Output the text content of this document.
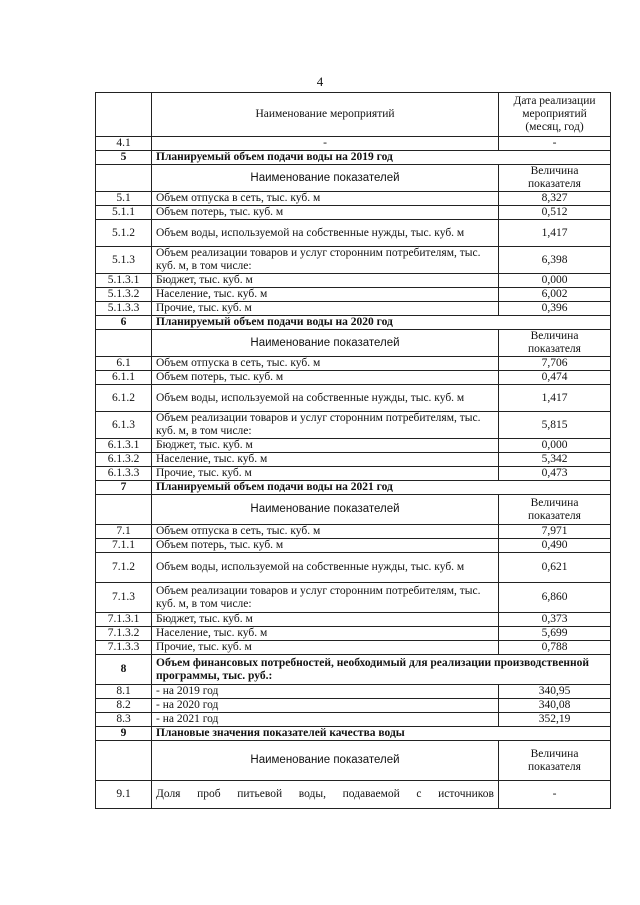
4
	Наименование мероприятий	Дата реализации мероприятий (месяц, год)
4.1	-	-
5	Планируемый объем подачи воды на 2019 год	
	Наименование показателей	Величина показателя
5.1	Объем отпуска в сеть, тыс. куб. м	8,327
5.1.1	Объем потерь, тыс. куб. м	0,512
5.1.2	Объем воды, используемой на собственные нужды, тыс. куб. м	1,417
5.1.3	Объем реализации товаров и услуг сторонним потребителям, тыс. куб. м, в том числе:	6,398
5.1.3.1	Бюджет, тыс. куб. м	0,000
5.1.3.2	Население, тыс. куб. м	6,002
5.1.3.3	Прочие, тыс. куб. м	0,396
6	Планируемый объем подачи воды на 2020 год	
	Наименование показателей	Величина показателя
6.1	Объем отпуска в сеть, тыс. куб. м	7,706
6.1.1	Объем потерь, тыс. куб. м	0,474
6.1.2	Объем воды, используемой на собственные нужды, тыс. куб. м	1,417
6.1.3	Объем реализации товаров и услуг сторонним потребителям, тыс. куб. м, в том числе:	5,815
6.1.3.1	Бюджет, тыс. куб. м	0,000
6.1.3.2	Население, тыс. куб. м	5,342
6.1.3.3	Прочие, тыс. куб. м	0,473
7	Планируемый объем подачи воды на 2021 год	
	Наименование показателей	Величина показателя
7.1	Объем отпуска в сеть, тыс. куб. м	7,971
7.1.1	Объем потерь, тыс. куб. м	0,490
7.1.2	Объем воды, используемой на собственные нужды, тыс. куб. м	0,621
7.1.3	Объем реализации товаров и услуг сторонним потребителям, тыс. куб. м, в том числе:	6,860
7.1.3.1	Бюджет, тыс. куб. м	0,373
7.1.3.2	Население, тыс. куб. м	5,699
7.1.3.3	Прочие, тыс. куб. м	0,788
8	Объем финансовых потребностей, необходимый для реализации производственной программы, тыс. руб.:	
8.1	- на 2019 год	340,95
8.2	- на 2020 год	340,08
8.3	- на 2021 год	352,19
9	Плановые значения показателей качества воды	
	Наименование показателей	Величина показателя
9.1	Доля проб питьевой воды, подаваемой с источников	-
